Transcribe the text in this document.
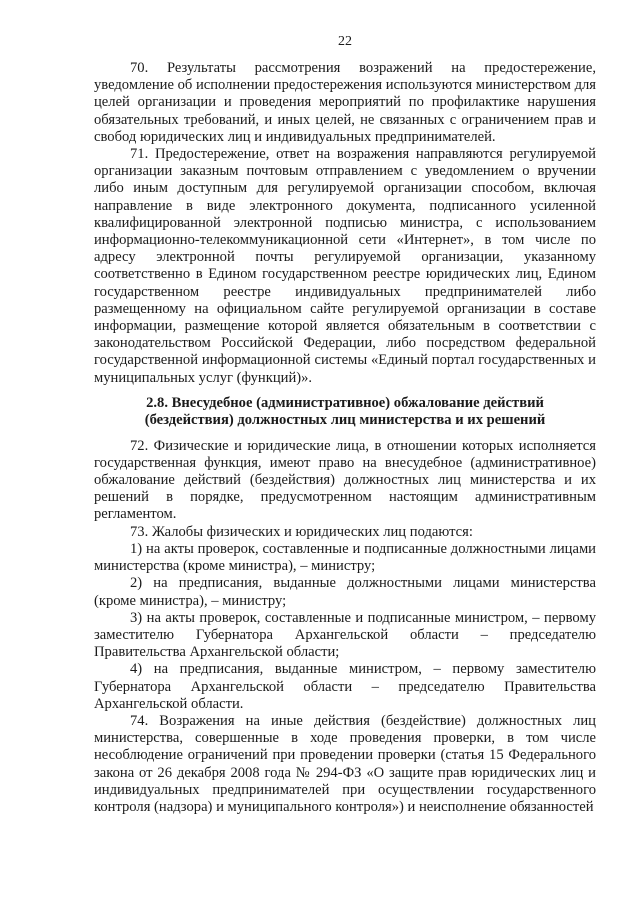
22

70. Результаты рассмотрения возражений на предостережение, уведомление об исполнении предостережения используются министерством для целей организации и проведения мероприятий по профилактике нарушения обязательных требований, и иных целей, не связанных с ограничением прав и свобод юридических лиц и индивидуальных предпринимателей.

71. Предостережение, ответ на возражения направляются регулируемой организации заказным почтовым отправлением с уведомлением о вручении либо иным доступным для регулируемой организации способом, включая направление в виде электронного документа, подписанного усиленной квалифицированной электронной подписью министра, с использованием информационно-телекоммуникационной сети «Интернет», в том числе по адресу электронной почты регулируемой организации, указанному соответственно в Едином государственном реестре юридических лиц, Едином государственном реестре индивидуальных предпринимателей либо размещенному на официальном сайте регулируемой организации в составе информации, размещение которой является обязательным в соответствии с законодательством Российской Федерации, либо посредством федеральной государственной информационной системы «Единый портал государственных и муниципальных услуг (функций)».

2.8. Внесудебное (административное) обжалование действий
(бездействия) должностных лиц министерства и их решений

72. Физические и юридические лица, в отношении которых исполняется государственная функция, имеют право на внесудебное (административное) обжалование действий (бездействия) должностных лиц министерства и их решений в порядке, предусмотренном настоящим административным регламентом.

73. Жалобы физических и юридических лиц подаются:

1) на акты проверок, составленные и подписанные должностными лицами министерства (кроме министра), – министру;

2) на предписания, выданные должностными лицами министерства (кроме министра), – министру;

3) на акты проверок, составленные и подписанные министром, – первому заместителю Губернатора Архангельской области – председателю Правительства Архангельской области;

4) на предписания, выданные министром, – первому заместителю Губернатора Архангельской области – председателю Правительства Архангельской области.

74. Возражения на иные действия (бездействие) должностных лиц министерства, совершенные в ходе проведения проверки, в том числе несоблюдение ограничений при проведении проверки (статья 15 Федерального закона от 26 декабря 2008 года № 294-ФЗ «О защите прав юридических лиц и индивидуальных предпринимателей при осуществлении государственного контроля (надзора) и муниципального контроля») и неисполнение обязанностей
